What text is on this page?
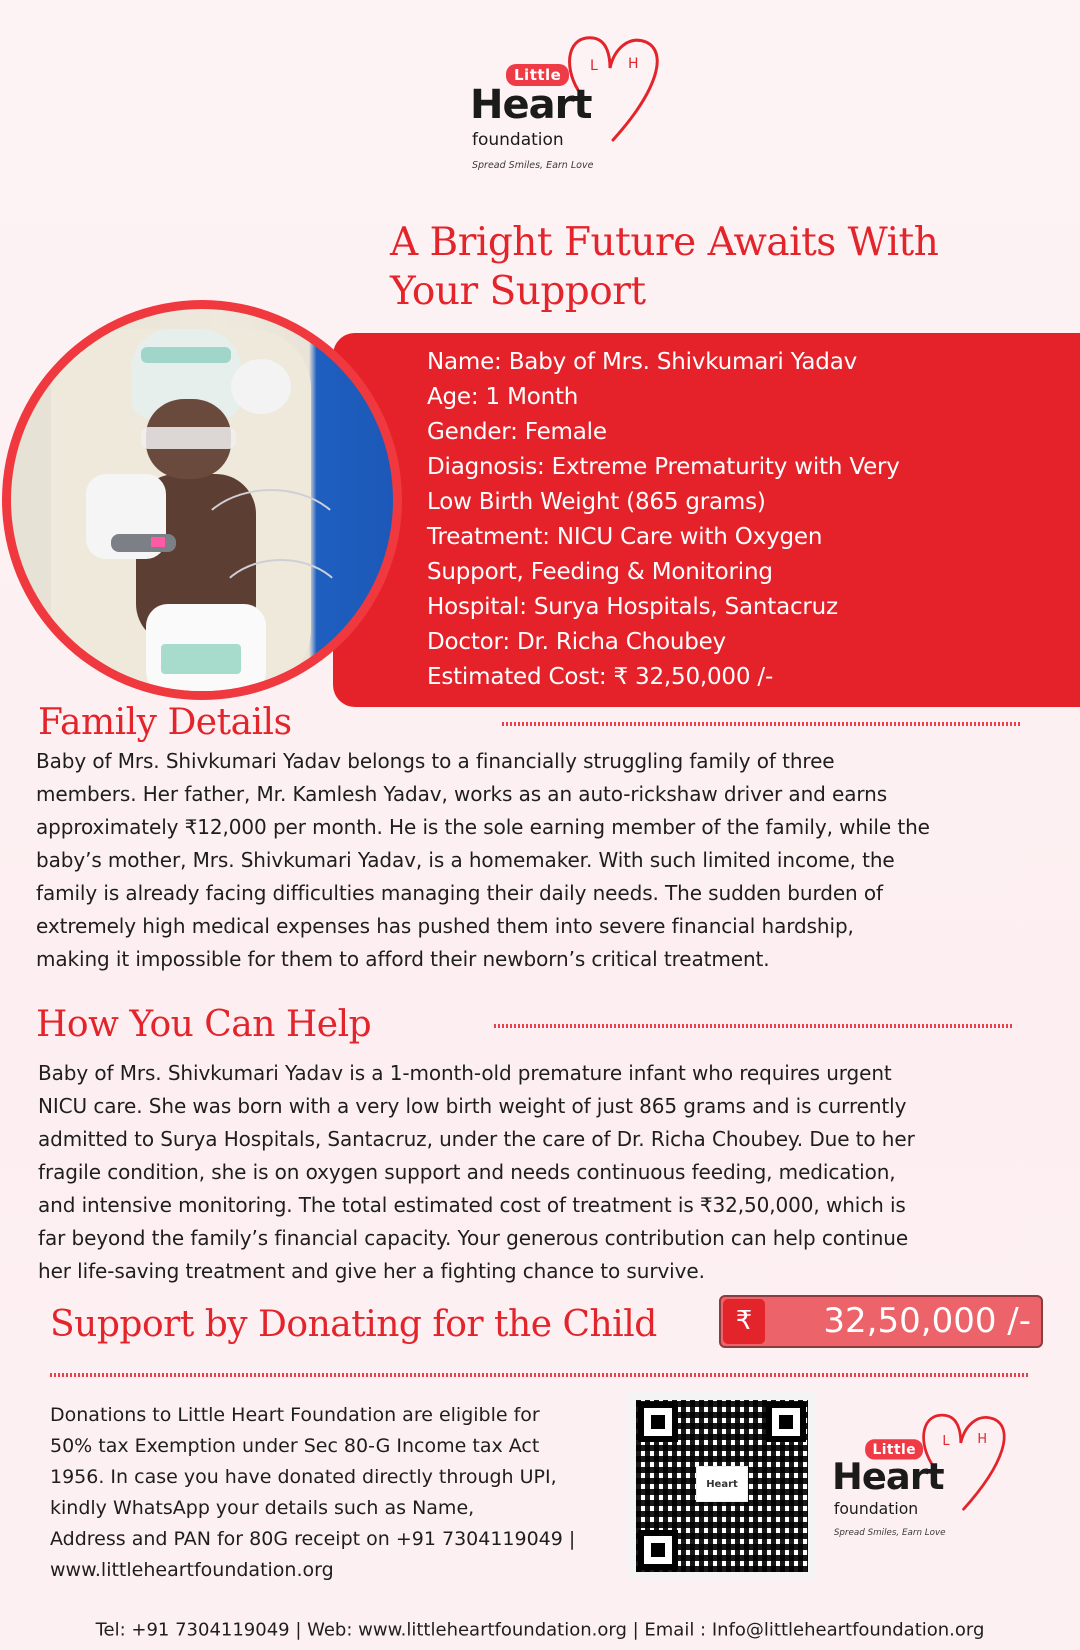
L H
Little
Heart
foundation
Spread Smiles, Earn Love
A Bright Future Awaits With Your Support
Name: Baby of Mrs. Shivkumari Yadav
Age: 1 Month
Gender: Female
Diagnosis: Extreme Prematurity with Very
Low Birth Weight (865 grams)
Treatment: NICU Care with Oxygen
Support, Feeding & Monitoring
Hospital: Surya Hospitals, Santacruz
Doctor: Dr. Richa Choubey
Estimated Cost: ₹ 32,50,000 /-
Family Details
Baby of Mrs. Shivkumari Yadav belongs to a financially struggling family of three
members. Her father, Mr. Kamlesh Yadav, works as an auto-rickshaw driver and earns
approximately ₹12,000 per month. He is the sole earning member of the family, while the
baby’s mother, Mrs. Shivkumari Yadav, is a homemaker. With such limited income, the
family is already facing difficulties managing their daily needs. The sudden burden of
extremely high medical expenses has pushed them into severe financial hardship,
making it impossible for them to afford their newborn’s critical treatment.
How You Can Help
Baby of Mrs. Shivkumari Yadav is a 1-month-old premature infant who requires urgent
NICU care. She was born with a very low birth weight of just 865 grams and is currently
admitted to Surya Hospitals, Santacruz, under the care of Dr. Richa Choubey. Due to her
fragile condition, she is on oxygen support and needs continuous feeding, medication,
and intensive monitoring. The total estimated cost of treatment is ₹32,50,000, which is
far beyond the family’s financial capacity. Your generous contribution can help continue
her life-saving treatment and give her a fighting chance to survive.
Support by Donating for the Child	₹	32,50,000 /-
Donations to Little Heart Foundation are eligible for
50% tax Exemption under Sec 80-G Income tax Act
1956. In case you have donated directly through UPI,
kindly WhatsApp your details such as Name,
Address and PAN for 80G receipt on +91 7304119049 |
www.littleheartfoundation.org
Heart
L H
Little
Heart
foundation
Spread Smiles, Earn Love
Tel: +91 7304119049 | Web: www.littleheartfoundation.org | Email : Info@littleheartfoundation.org
